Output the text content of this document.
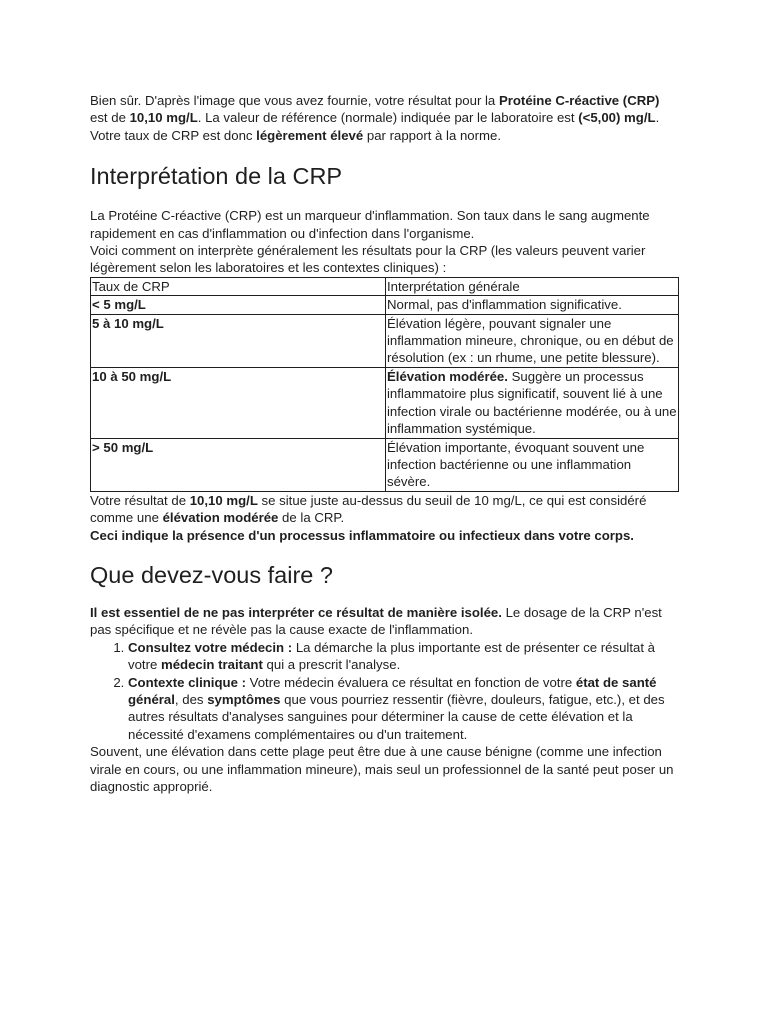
Bien sûr. D'après l'image que vous avez fournie, votre résultat pour la Protéine C-réactive (CRP) est de 10,10 mg/L. La valeur de référence (normale) indiquée par le laboratoire est (<5,00) mg/L.

Votre taux de CRP est donc légèrement élevé par rapport à la norme.

Interprétation de la CRP

La Protéine C-réactive (CRP) est un marqueur d'inflammation. Son taux dans le sang augmente rapidement en cas d'inflammation ou d'infection dans l'organisme.

Voici comment on interprète généralement les résultats pour la CRP (les valeurs peuvent varier légèrement selon les laboratoires et les contextes cliniques) :

Taux de CRP	Interprétation générale
< 5 mg/L	Normal, pas d'inflammation significative.
5 à 10 mg/L	Élévation légère, pouvant signaler une inflammation mineure, chronique, ou en début de résolution (ex : un rhume, une petite blessure).
10 à 50 mg/L	Élévation modérée. Suggère un processus inflammatoire plus significatif, souvent lié à une infection virale ou bactérienne modérée, ou à une inflammation systémique.
> 50 mg/L	Élévation importante, évoquant souvent une infection bactérienne ou une inflammation sévère.

Votre résultat de 10,10 mg/L se situe juste au-dessus du seuil de 10 mg/L, ce qui est considéré comme une élévation modérée de la CRP.

Ceci indique la présence d'un processus inflammatoire ou infectieux dans votre corps.

Que devez-vous faire ?

Il est essentiel de ne pas interpréter ce résultat de manière isolée. Le dosage de la CRP n'est pas spécifique et ne révèle pas la cause exacte de l'inflammation.

1. Consultez votre médecin : La démarche la plus importante est de présenter ce résultat à votre médecin traitant qui a prescrit l'analyse.
2. Contexte clinique : Votre médecin évaluera ce résultat en fonction de votre état de santé général, des symptômes que vous pourriez ressentir (fièvre, douleurs, fatigue, etc.), et des autres résultats d'analyses sanguines pour déterminer la cause de cette élévation et la nécessité d'examens complémentaires ou d'un traitement.

Souvent, une élévation dans cette plage peut être due à une cause bénigne (comme une infection virale en cours, ou une inflammation mineure), mais seul un professionnel de la santé peut poser un diagnostic approprié.
